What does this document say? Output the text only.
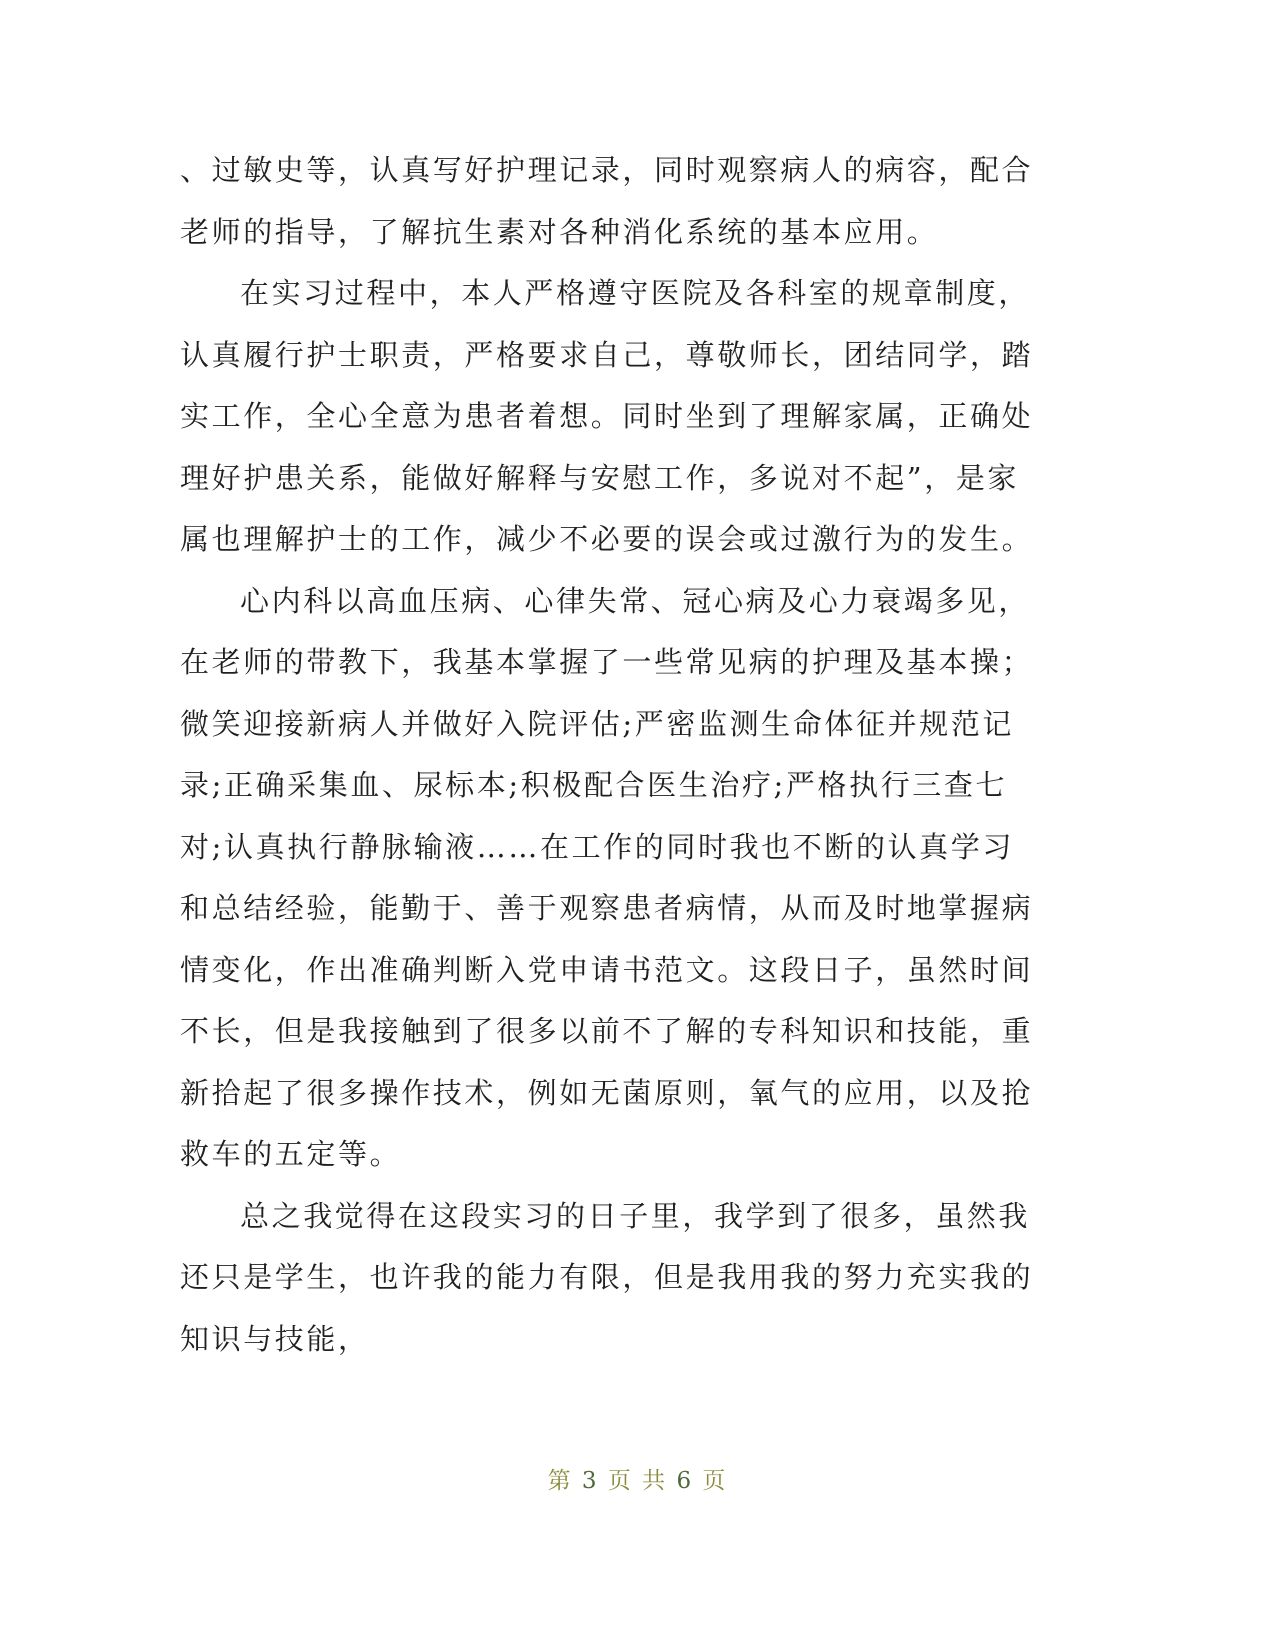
、过敏史等，认真写好护理记录，同时观察病人的病容，配合
老师的指导，了解抗生素对各种消化系统的基本应用。
在实习过程中，本人严格遵守医院及各科室的规章制度，
认真履行护士职责，严格要求自己，尊敬师长，团结同学，踏
实工作，全心全意为患者着想。同时坐到了理解家属，正确处
理好护患关系，能做好解释与安慰工作，多说对不起”，是家
属也理解护士的工作，减少不必要的误会或过激行为的发生。
心内科以高血压病、心律失常、冠心病及心力衰竭多见，
在老师的带教下，我基本掌握了一些常见病的护理及基本操；
微笑迎接新病人并做好入院评估;严密监测生命体征并规范记
录;正确采集血、尿标本;积极配合医生治疗;严格执行三查七
对;认真执行静脉输液……在工作的同时我也不断的认真学习
和总结经验，能勤于、善于观察患者病情，从而及时地掌握病
情变化，作出准确判断入党申请书范文。这段日子，虽然时间
不长，但是我接触到了很多以前不了解的专科知识和技能，重
新拾起了很多操作技术，例如无菌原则，氧气的应用，以及抢
救车的五定等。
总之我觉得在这段实习的日子里，我学到了很多，虽然我
还只是学生，也许我的能力有限，但是我用我的努力充实我的
知识与技能，
第 3 页 共 6 页
